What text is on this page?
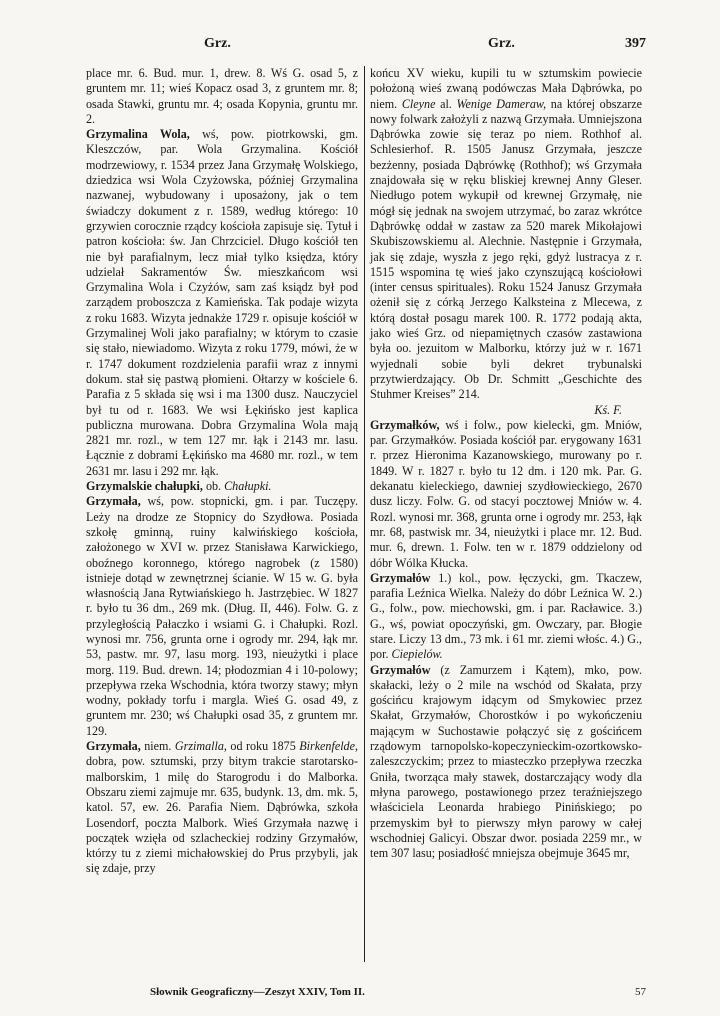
Grz.	Grz.	397

place mr. 6. Bud. mur. 1, drew. 8. Wś G. osad 5, z gruntem mr. 11; wieś Kopacz osad 3, z gruntem mr. 8; osada Stawki, gruntu mr. 4; osada Kopynia, gruntu mr. 2.

Grzymalina Wola, wś, pow. piotrkowski, gm. Kleszczów, par. Wola Grzymalina. Kościół modrzewiowy, r. 1534 przez Jana Grzymałę Wolskiego, dziedzica wsi Wola Czyżowska, później Grzymalina nazwanej, wybudowany i uposażony, jak o tem świadczy dokument z r. 1589, według którego: 10 grzywien corocznie rządcy kościoła zapisuje się. Tytuł i patron kościoła: św. Jan Chrzciciel. Długo kościół ten nie był parafialnym, lecz miał tylko księdza, który udzielał Sakramentów Św. mieszkańcom wsi Grzymalina Wola i Czyżów, sam zaś ksiądz był pod zarządem proboszcza z Kamieńska. Tak podaje wizyta z roku 1683. Wizyta jednakże 1729 r. opisuje kościół w Grzymalinej Woli jako parafialny; w którym to czasie się stało, niewiadomo. Wizyta z roku 1779, mówi, że w r. 1747 dokument rozdzielenia parafii wraz z innymi dokum. stał się pastwą płomieni. Ołtarzy w kościele 6. Parafia z 5 składa się wsi i ma 1300 dusz. Nauczyciel był tu od r. 1683. We wsi Łękińsko jest kaplica publiczna murowana. Dobra Grzymalina Wola mają 2821 mr. rozl., w tem 127 mr. łąk i 2143 mr. lasu. Łącznie z dobrami Łękińsko ma 4680 mr. rozl., w tem 2631 mr. lasu i 292 mr. łąk.

Grzymalskie chałupki, ob. Chałupki.

Grzymała, wś, pow. stopnicki, gm. i par. Tuczępy. Leży na drodze ze Stopnicy do Szydłowa. Posiada szkołę gminną, ruiny kalwińskiego kościoła, założonego w XVI w. przez Stanisława Karwickiego, oboźnego koronnego, którego nagrobek (z 1580) istnieje dotąd w zewnętrznej ścianie. W 15 w. G. była własnością Jana Rytwiańskiego h. Jastrzębiec. W 1827 r. było tu 36 dm., 269 mk. (Dług. II, 446). Folw. G. z przyległością Pałaczko i wsiami G. i Chałupki. Rozl. wynosi mr. 756, grunta orne i ogrody mr. 294, łąk mr. 53, pastw. mr. 97, lasu morg. 193, nieużytki i place morg. 119. Bud. drewn. 14; płodozmian 4 i 10-polowy; przepływa rzeka Wschodnia, która tworzy stawy; młyn wodny, pokłady torfu i margla. Wieś G. osad 49, z gruntem mr. 230; wś Chałupki osad 35, z gruntem mr. 129.

Grzymała, niem. Grzimalla, od roku 1875 Birkenfelde, dobra, pow. sztumski, przy bitym trakcie starotarsko-malborskim, 1 milę do Starogrodu i do Malborka. Obszaru ziemi zajmuje mr. 635, budynk. 13, dm. mk. 5, katol. 57, ew. 26. Parafia Niem. Dąbrówka, szkoła Losendorf, poczta Malbork. Wieś Grzymała nazwę i początek wzięła od szlacheckiej rodziny Grzymałów, którzy tu z ziemi michałowskiej do Prus przybyli, jak się zdaje, przy

końcu XV wieku, kupili tu w sztumskim powiecie położoną wieś zwaną podówczas Mała Dąbrówka, po niem. Cleyne al. Wenige Dameraw, na której obszarze nowy folwark założyli z nazwą Grzymała. Umniejszona Dąbrówka zowie się teraz po niem. Rothhof al. Schlesierhof. R. 1505 Janusz Grzymała, jeszcze bezżenny, posiada Dąbrówkę (Rothhof); wś Grzymała znajdowała się w ręku bliskiej krewnej Anny Gleser. Niedługo potem wykupił od krewnej Grzymałę, nie mógł się jednak na swojem utrzymać, bo zaraz wkrótce Dąbrówkę oddał w zastaw za 520 marek Mikołajowi Skubiszowskiemu al. Alechnie. Następnie i Grzymała, jak się zdaje, wyszła z jego ręki, gdyż lustracya z r. 1515 wspomina tę wieś jako czynszującą kościołowi (inter census spirituales). Roku 1524 Janusz Grzymała ożenił się z córką Jerzego Kalksteina z Mlecewa, z którą dostał posagu marek 100. R. 1772 podają akta, jako wieś Grz. od niepamiętnych czasów zastawiona była oo. jezuitom w Malborku, którzy już w r. 1671 wyjednali sobie byli dekret trybunalski przytwierdzający. Ob Dr. Schmitt „Geschichte des Stuhmer Kreises” 214.

Kś. F.

Grzymałków, wś i folw., pow kielecki, gm. Mniów, par. Grzymałków. Posiada kościół par. erygowany 1631 r. przez Hieronima Kazanowskiego, murowany po r. 1849. W r. 1827 r. było tu 12 dm. i 120 mk. Par. G. dekanatu kieleckiego, dawniej szydłowieckiego, 2670 dusz liczy. Folw. G. od stacyi pocztowej Mniów w. 4. Rozl. wynosi mr. 368, grunta orne i ogrody mr. 253, łąk mr. 68, pastwisk mr. 34, nieużytki i place mr. 12. Bud. mur. 6, drewn. 1. Folw. ten w r. 1879 oddzielony od dóbr Wólka Kłucka.

Grzymałów 1.) kol., pow. łęczycki, gm. Tkaczew, parafia Leźnica Wielka. Należy do dóbr Leźnica W. 2.) G., folw., pow. miechowski, gm. i par. Racławice. 3.) G., wś, powiat opoczyński, gm. Owczary, par. Błogie stare. Liczy 13 dm., 73 mk. i 61 mr. ziemi włośc. 4.) G., por. Ciepielów.

Grzymałów (z Zamurzem i Kątem), mko, pow. skałacki, leży o 2 mile na wschód od Skałata, przy gościńcu krajowym idącym od Smykowiec przez Skałat, Grzymałów, Chorostków i po wykończeniu mającym w Suchostawie połączyć się z gościńcem rządowym tarnopolsko-kopeczynieckim-ozortkowsko-zaleszczyckim; przez to miasteczko przepływa rzeczka Gniła, tworząca mały stawek, dostarczający wody dla młyna parowego, postawionego przez teraźniejszego właściciela Leonarda hrabiego Pinińskiego; po przemyskim był to pierwszy młyn parowy w całej wschodniej Galicyi. Obszar dwor. posiada 2259 mr., w tem 307 lasu; posiadłość mniejsza obejmuje 3645 mr,

Słownik Geograficzny—Zeszyt XXIV, Tom II.	57
